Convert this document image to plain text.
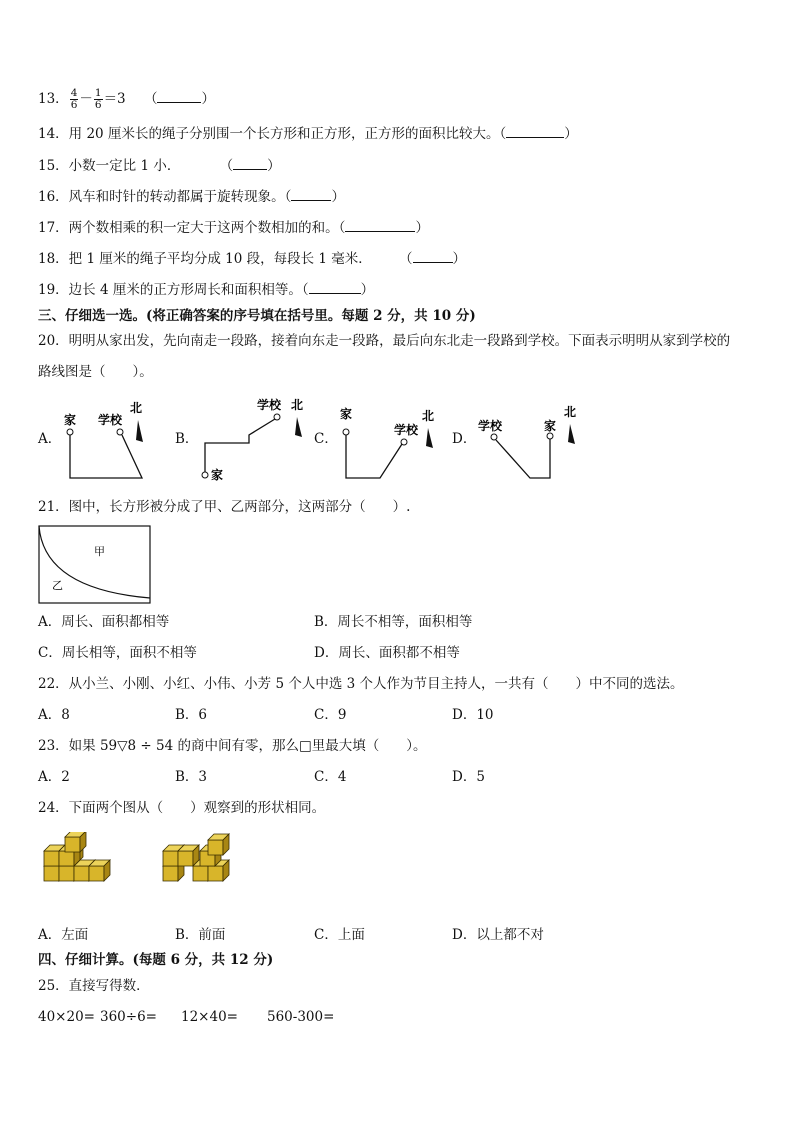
13． $\frac{4}{6} - \frac{1}{6} =3$ （	）
14．用 20 厘米长的绳子分别围一个长方形和正方形，正方形的面积比较大。（	）
15．小数一定比 1 小．	（	）
16．风车和时针的转动都属于旋转现象。（	）
17．两个数相乘的积一定大于这两个数相加的和。（	）
18．把 1 厘米的绳子平均分成 10 段，每段长 1 毫米．	（	）
19．边长 4 厘米的正方形周长和面积相等。（	）
三、仔细选一选。(将正确答案的序号填在括号里。每题 2 分，共 10 分)
20．明明从家出发，先向南走一段路，接着向东走一段路，最后向东北走一段路到学校。下面表示明明从家到学校的
路线图是（　　）。
A．
家 学校
北
B．
学校
家
北
C．
家
学校
北
D．
学校	家
北
21．图中，长方形被分成了甲、乙两部分，这两部分（　　）.
甲
乙
A．周长、面积都相等	B．周长不相等，面积相等
C．周长相等，面积不相等	D．周长、面积都不相等
22．从小兰、小刚、小红、小伟、小芳 5 个人中选 3 个人作为节目主持人，一共有（　　）中不同的选法。
A．8	B．6	C．9	D．10
23．如果 59▽8 ÷ 54 的商中间有零，那么□里最大填（　　）。
A．2	B．3	C．4	D．5
24．下面两个图从（　　）观察到的形状相同。
A．左面	B．前面	C．上面	D．以上都不对
四、仔细计算。(每题 6 分，共 12 分)
25．直接写得数．
40×20= 360÷6= 12×40= 560-300=
